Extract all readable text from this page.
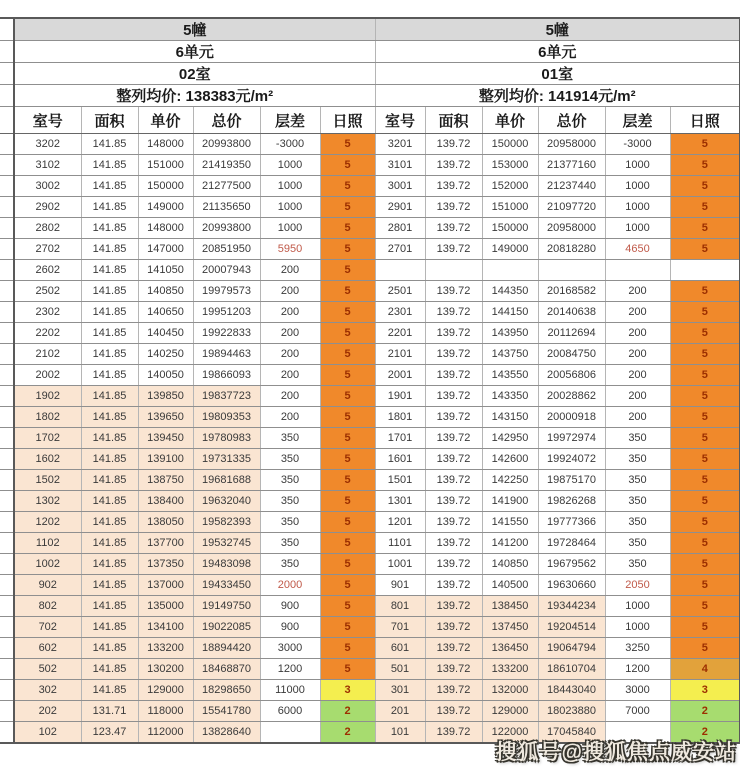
	5幢						5幢					
	6单元						6单元					
	02室						01室					
	整列均价: 138383元/m²						整列均价: 141914元/m²					
	室号	面积	单价	总价	层差	日照	室号	面积	单价	总价	层差	日照
	3202	141.85	148000	20993800	-3000	5	3201	139.72	150000	20958000	-3000	5
	3102	141.85	151000	21419350	1000	5	3101	139.72	153000	21377160	1000	5
	3002	141.85	150000	21277500	1000	5	3001	139.72	152000	21237440	1000	5
	2902	141.85	149000	21135650	1000	5	2901	139.72	151000	21097720	1000	5
	2802	141.85	148000	20993800	1000	5	2801	139.72	150000	20958000	1000	5
	2702	141.85	147000	20851950	5950	5	2701	139.72	149000	20818280	4650	5
	2602	141.85	141050	20007943	200	5						
	2502	141.85	140850	19979573	200	5	2501	139.72	144350	20168582	200	5
	2302	141.85	140650	19951203	200	5	2301	139.72	144150	20140638	200	5
	2202	141.85	140450	19922833	200	5	2201	139.72	143950	20112694	200	5
	2102	141.85	140250	19894463	200	5	2101	139.72	143750	20084750	200	5
	2002	141.85	140050	19866093	200	5	2001	139.72	143550	20056806	200	5
	1902	141.85	139850	19837723	200	5	1901	139.72	143350	20028862	200	5
	1802	141.85	139650	19809353	200	5	1801	139.72	143150	20000918	200	5
	1702	141.85	139450	19780983	350	5	1701	139.72	142950	19972974	350	5
	1602	141.85	139100	19731335	350	5	1601	139.72	142600	19924072	350	5
	1502	141.85	138750	19681688	350	5	1501	139.72	142250	19875170	350	5
	1302	141.85	138400	19632040	350	5	1301	139.72	141900	19826268	350	5
	1202	141.85	138050	19582393	350	5	1201	139.72	141550	19777366	350	5
	1102	141.85	137700	19532745	350	5	1101	139.72	141200	19728464	350	5
	1002	141.85	137350	19483098	350	5	1001	139.72	140850	19679562	350	5
	902	141.85	137000	19433450	2000	5	901	139.72	140500	19630660	2050	5
	802	141.85	135000	19149750	900	5	801	139.72	138450	19344234	1000	5
	702	141.85	134100	19022085	900	5	701	139.72	137450	19204514	1000	5
	602	141.85	133200	18894420	3000	5	601	139.72	136450	19064794	3250	5
	502	141.85	130200	18468870	1200	5	501	139.72	133200	18610704	1200	4
	302	141.85	129000	18298650	11000	3	301	139.72	132000	18443040	3000	3
	202	131.71	118000	15541780	6000	2	201	139.72	129000	18023880	7000	2
	102	123.47	112000	13828640		2	101	139.72	122000	17045840		2
搜狐号@搜狐焦点威安站
